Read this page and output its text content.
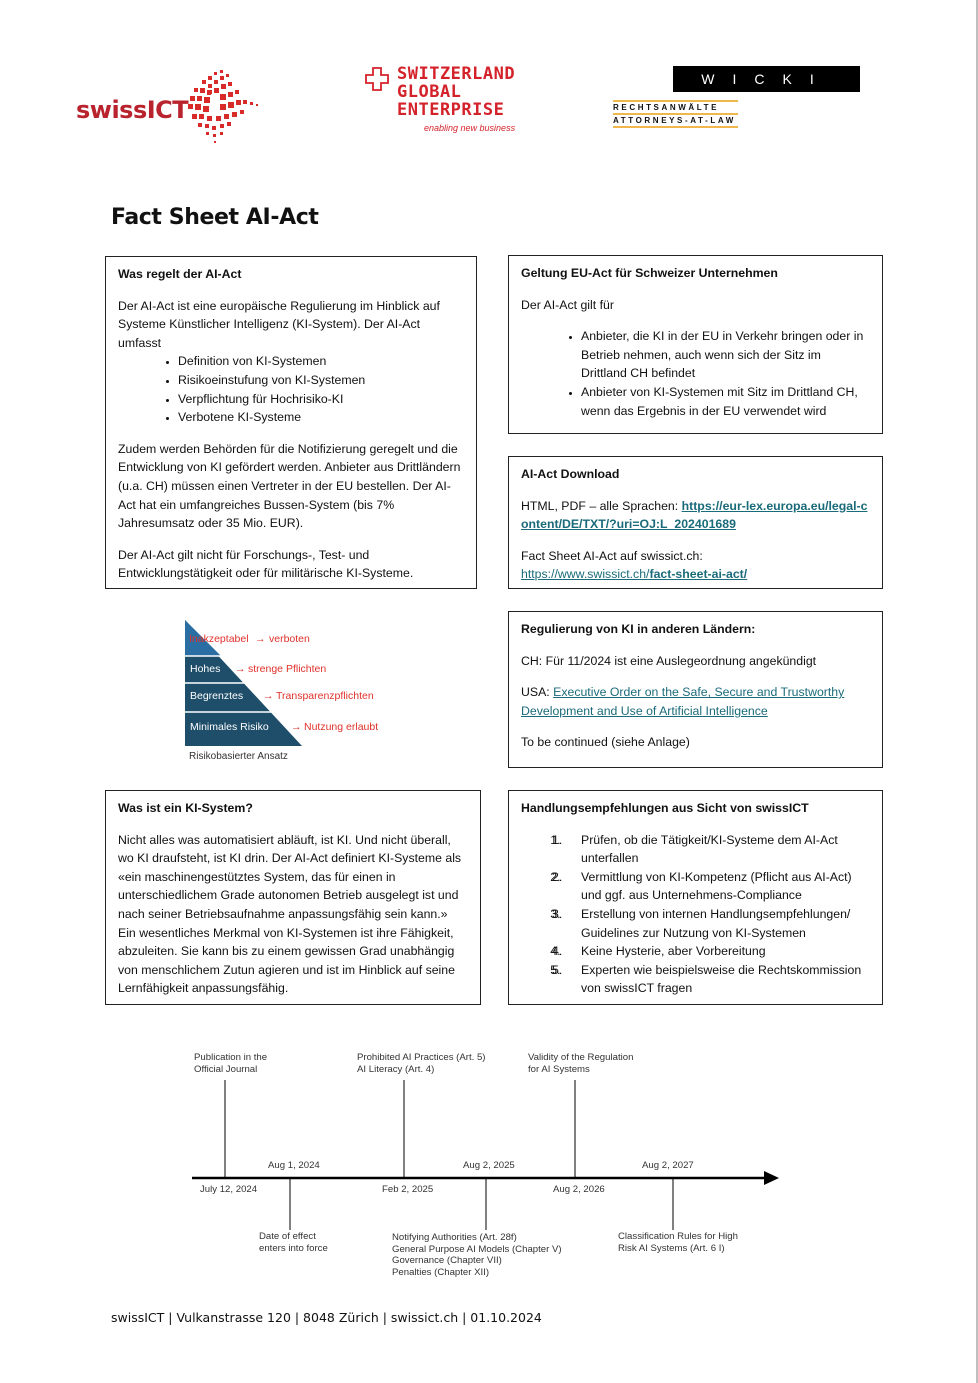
swissICT
SWITZERLAND
GLOBAL
ENTERPRISE
enabling new business
WICKI
RECHTSANWÄLTE
ATTORNEYS-AT-LAW
Fact Sheet AI-Act
Was regelt der AI-Act

Der AI-Act ist eine europäische Regulierung im Hinblick auf Systeme Künstlicher Intelligenz (KI-System). Der AI-Act umfasst

• Definition von KI-Systemen
• Risikoeinstufung von KI-Systemen
• Verpflichtung für Hochrisiko-KI
• Verbotene KI-Systeme

Zudem werden Behörden für die Notifizierung geregelt und die Entwicklung von KI gefördert werden. Anbieter aus Drittländern (u.a. CH) müssen einen Vertreter in der EU bestellen. Der AI-Act hat ein umfangreiches Bussen-System (bis 7% Jahresumsatz oder 35 Mio. EUR).

Der AI-Act gilt nicht für Forschungs-, Test- und Entwicklungstätigkeit oder für militärische KI-Systeme.

Geltung EU-Act für Schweizer Unternehmen

Der AI-Act gilt für

• Anbieter, die KI in der EU in Verkehr bringen oder in Betrieb nehmen, auch wenn sich der Sitz im Drittland CH befindet
• Anbieter von KI-Systemen mit Sitz im Drittland CH, wenn das Ergebnis in der EU verwendet wird
AI-Act Download

HTML, PDF – alle Sprachen: https://eur-lex.europa.eu/legal-content/DE/TXT/?uri=OJ:L_202401689

Fact Sheet AI-Act auf swissict.ch:
https://www.swissict.ch/fact-sheet-ai-act/

Inakzeptabel → verboten
Hohes → strenge Pflichten
Begrenztes → Transparenzpflichten
Minimales Risiko → Nutzung erlaubt
Risikobasierter Ansatz
Regulierung von KI in anderen Ländern:

CH: Für 11/2024 ist eine Auslegeordnung angekündigt

USA: Executive Order on the Safe, Secure and Trustworthy Development and Use of Artificial Intelligence

To be continued (siehe Anlage)

Was ist ein KI-System?

Nicht alles was automatisiert abläuft, ist KI. Und nicht überall, wo KI draufsteht, ist KI drin. Der AI-Act definiert KI-Systeme als «ein maschinengestütztes System, das für einen in unterschiedlichem Grade autonomen Betrieb ausgelegt ist und nach seiner Betriebsaufnahme anpassungsfähig sein kann.» Ein wesentliches Merkmal von KI-Systemen ist ihre Fähigkeit, abzuleiten. Sie kann bis zu einem gewissen Grad unabhängig von menschlichem Zutun agieren und ist im Hinblick auf seine Lernfähigkeit anpassungsfähig.

Handlungsempfehlungen aus Sicht von swissICT
1. Prüfen, ob die Tätigkeit/KI-Systeme dem AI-Act unterfallen
2. Vermittlung von KI-Kompetenz (Pflicht aus AI-Act) und ggf. aus Unternehmens-Compliance
3. Erstellung von internen Handlungsempfehlungen/ Guidelines zur Nutzung von KI-Systemen
4. Keine Hysterie, aber Vorbereitung
5. Experten wie beispielsweise die Rechtskommission von swissICT fragen
Publication in the
Official Journal
Prohibited AI Practices (Art. 5)
AI Literacy (Art. 4)
Validity of the Regulation
for AI Systems
Aug 1, 2024	Aug 2, 2025	Aug 2, 2027
July 12, 2024	Feb 2, 2025	Aug 2, 2026
Date of effect
enters into force
Notifying Authorities (Art. 28f)
General Purpose AI Models (Chapter V)
Governance (Chapter VII)
Penalties (Chapter XII)
Classification Rules for High
Risk AI Systems (Art. 6 I)
swissICT | Vulkanstrasse 120 | 8048 Zürich | swissict.ch | 01.10.2024
